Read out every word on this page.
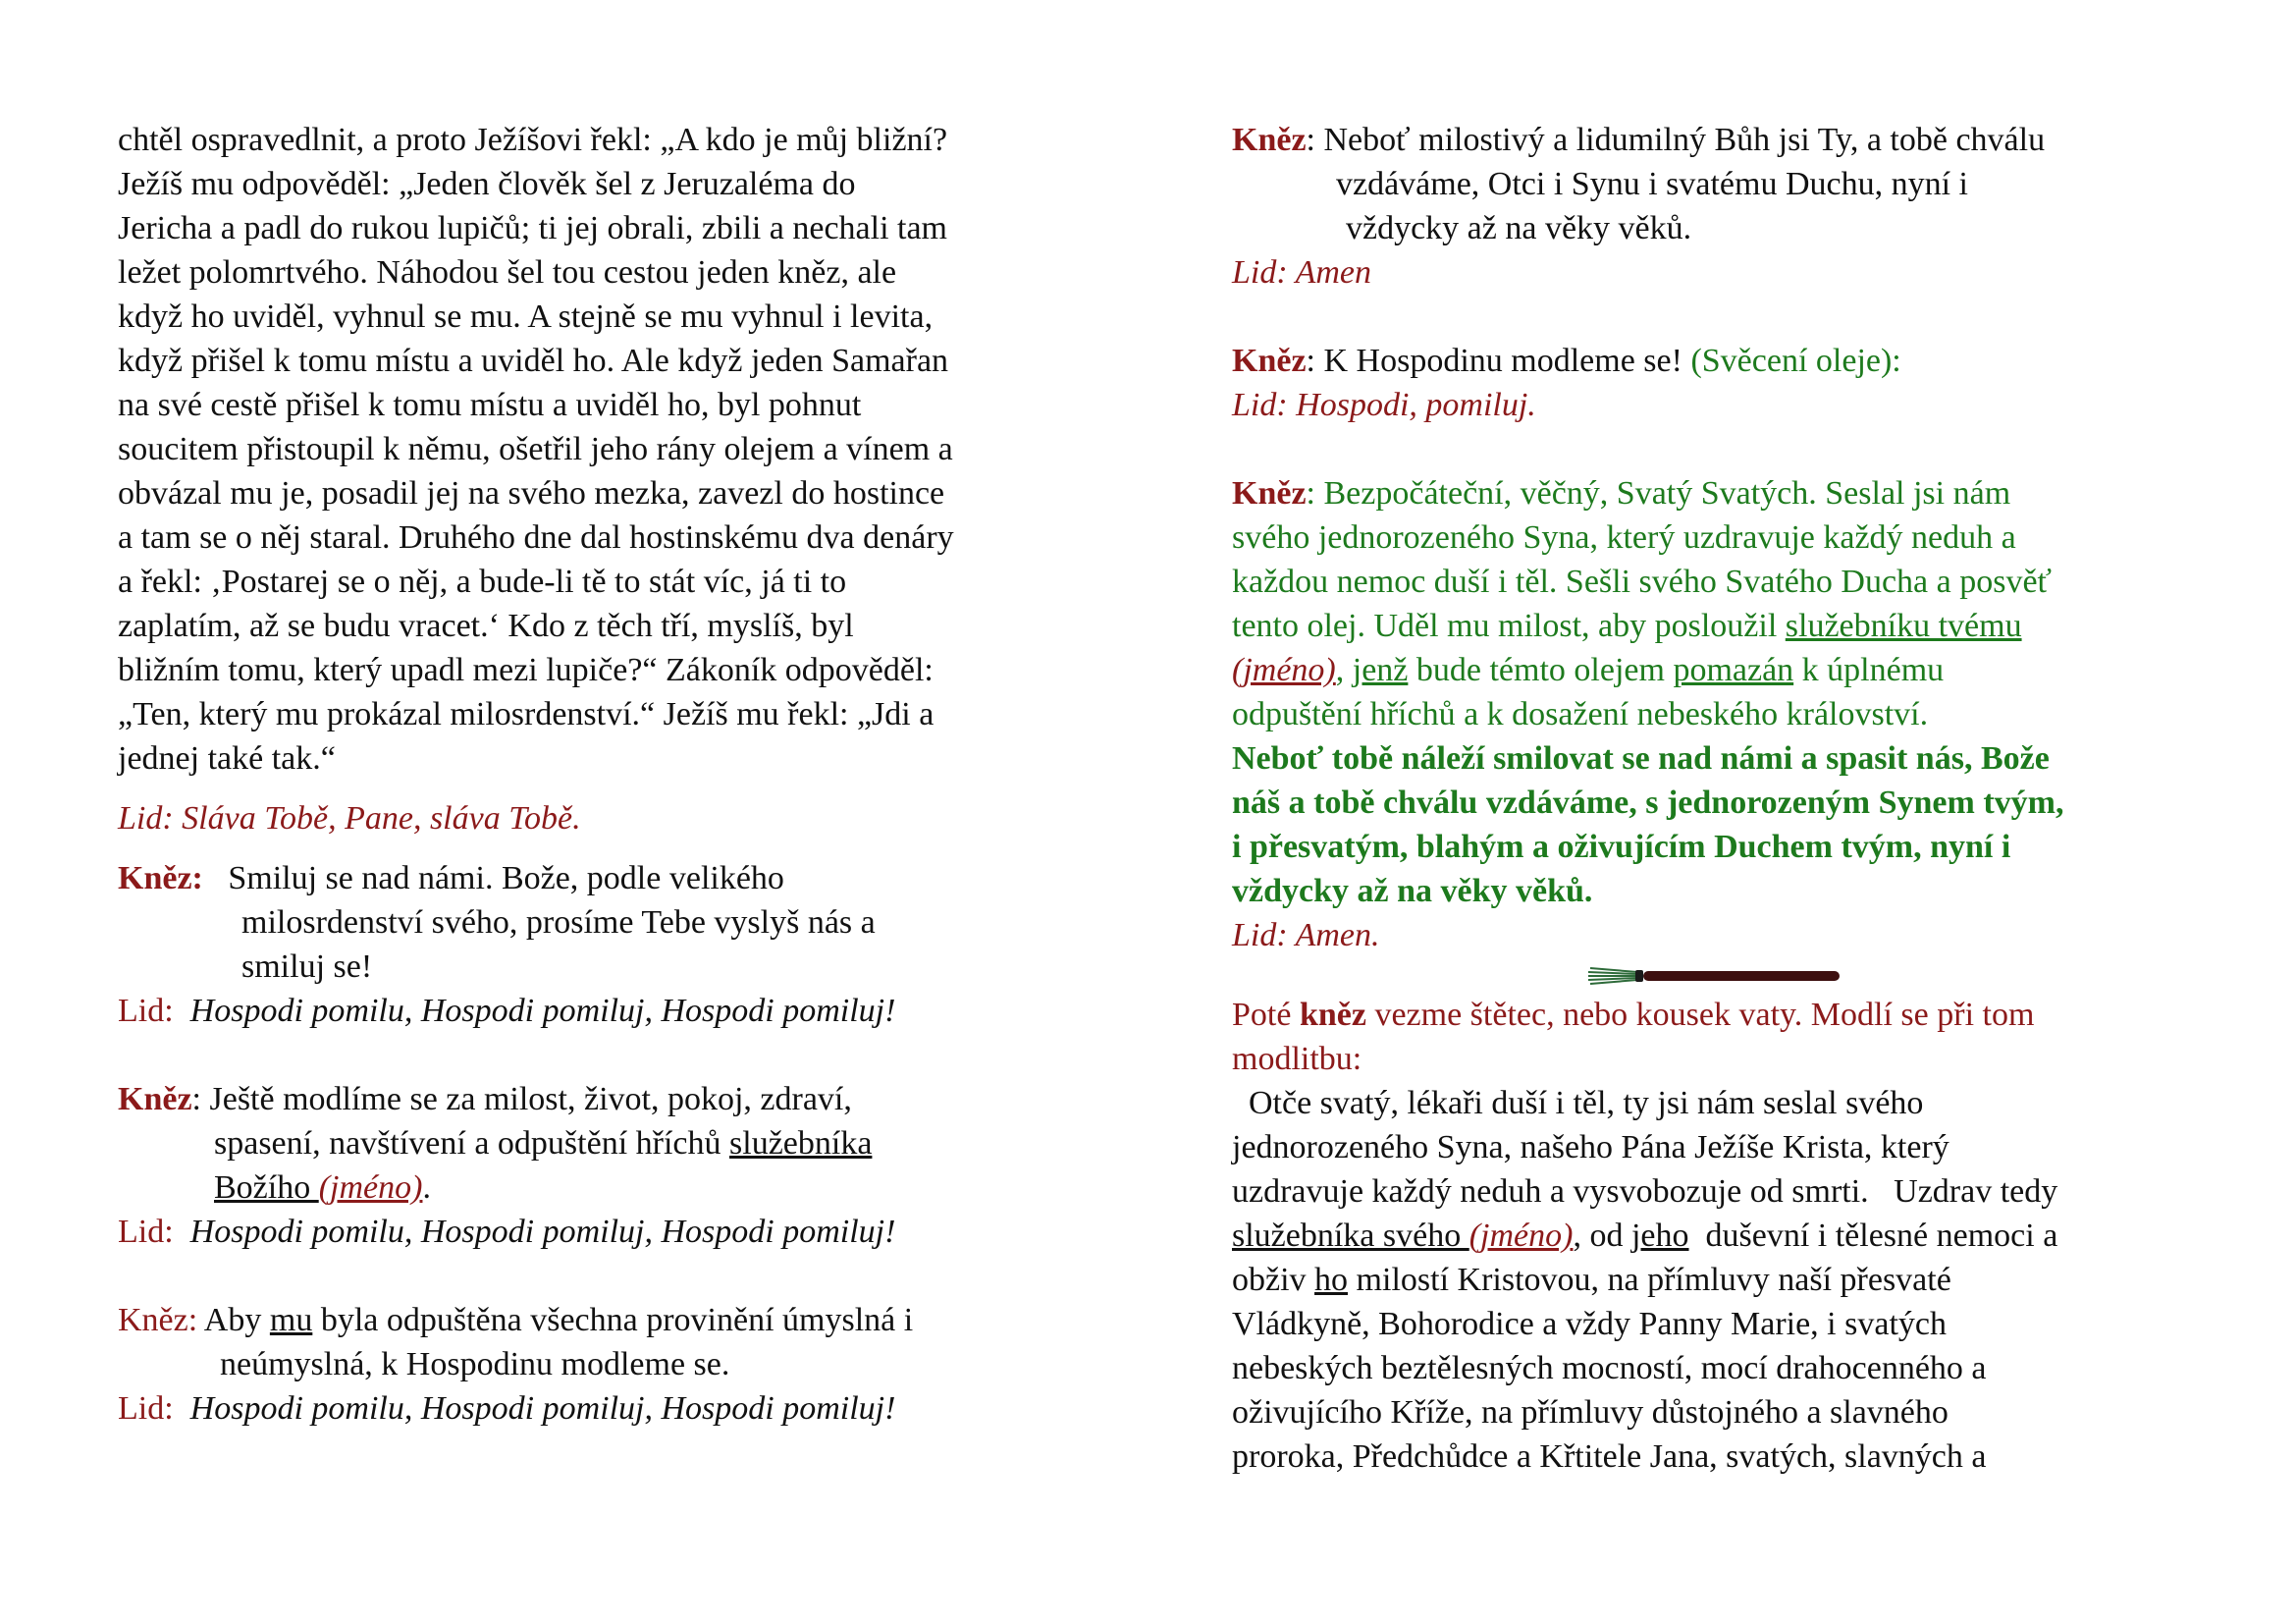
chtěl ospravedlnit, a proto Ježíšovi řekl: „A kdo je můj bližní?

Ježíš mu odpověděl: „Jeden člověk šel z Jeruzaléma do

Jericha a padl do rukou lupičů; ti jej obrali, zbili a nechali tam

ležet polomrtvého. Náhodou šel tou cestou jeden kněz, ale

když ho uviděl, vyhnul se mu. A stejně se mu vyhnul i levita,

když přišel k tomu místu a uviděl ho. Ale když jeden Samařan

na své cestě přišel k tomu místu a uviděl ho, byl pohnut

soucitem přistoupil k němu, ošetřil jeho rány olejem a vínem a

obvázal mu je, posadil jej na svého mezka, zavezl do hostince

a tam se o něj staral. Druhého dne dal hostinskému dva denáry

a řekl: ‚Postarej se o něj, a bude-li tě to stát víc, já ti to

zaplatím, až se budu vracet.‘ Kdo z těch tří, myslíš, byl

bližním tomu, který upadl mezi lupiče?“ Zákoník odpověděl:

„Ten, který mu prokázal milosrdenství.“ Ježíš mu řekl: „Jdi a

jednej také tak.“

Lid: Sláva Tobě, Pane, sláva Tobě.

Kněz: Smiluj se nad námi. Bože, podle velikého

milosrdenství svého, prosíme Tebe vyslyš nás a

smiluj se!

Lid: Hospodi pomilu, Hospodi pomiluj, Hospodi pomiluj!

Kněz: Ještě modlíme se za milost, život, pokoj, zdraví,

spasení, navštívení a odpuštění hříchů služebníka

Božího (jméno).

Lid: Hospodi pomilu, Hospodi pomiluj, Hospodi pomiluj!

Kněz: Aby mu byla odpuštěna všechna provinění úmyslná i

neúmyslná, k Hospodinu modleme se.

Lid: Hospodi pomilu, Hospodi pomiluj, Hospodi pomiluj!

Kněz: Neboť milostivý a lidumilný Bůh jsi Ty, a tobě chválu

vzdáváme, Otci i Synu i svatému Duchu, nyní i

vždycky až na věky věků.

Lid: Amen

Kněz: K Hospodinu modleme se! (Svěcení oleje):

Lid: Hospodi, pomiluj.

Kněz: Bezpočáteční, věčný, Svatý Svatých. Seslal jsi nám

svého jednorozeného Syna, který uzdravuje každý neduh a

každou nemoc duší i těl. Sešli svého Svatého Ducha a posvěť

tento olej. Uděl mu milost, aby posloužil služebníku tvému

(jméno), jenž bude témto olejem pomazán k úplnému

odpuštění hříchů a k dosažení nebeského království.

Neboť tobě náleží smilovat se nad námi a spasit nás, Bože

náš a tobě chválu vzdáváme, s jednorozeným Synem tvým,

i přesvatým, blahým a oživujícím Duchem tvým, nyní i

vždycky až na věky věků.

Lid: Amen.

Poté kněz vezme štětec, nebo kousek vaty. Modlí se při tom

modlitbu:

Otče svatý, lékaři duší i těl, ty jsi nám seslal svého

jednorozeného Syna, našeho Pána Ježíše Krista, který

uzdravuje každý neduh a vysvobozuje od smrti.   Uzdrav tedy

služebníka svého (jméno), od jeho  duševní i tělesné nemoci a

obživ ho milostí Kristovou, na přímluvy naší přesvaté

Vládkyně, Bohorodice a vždy Panny Marie, i svatých

nebeských beztělesných mocností, mocí drahocenného a

oživujícího Kříže, na přímluvy důstojného a slavného

proroka, Předchůdce a Křtitele Jana, svatých, slavných a
